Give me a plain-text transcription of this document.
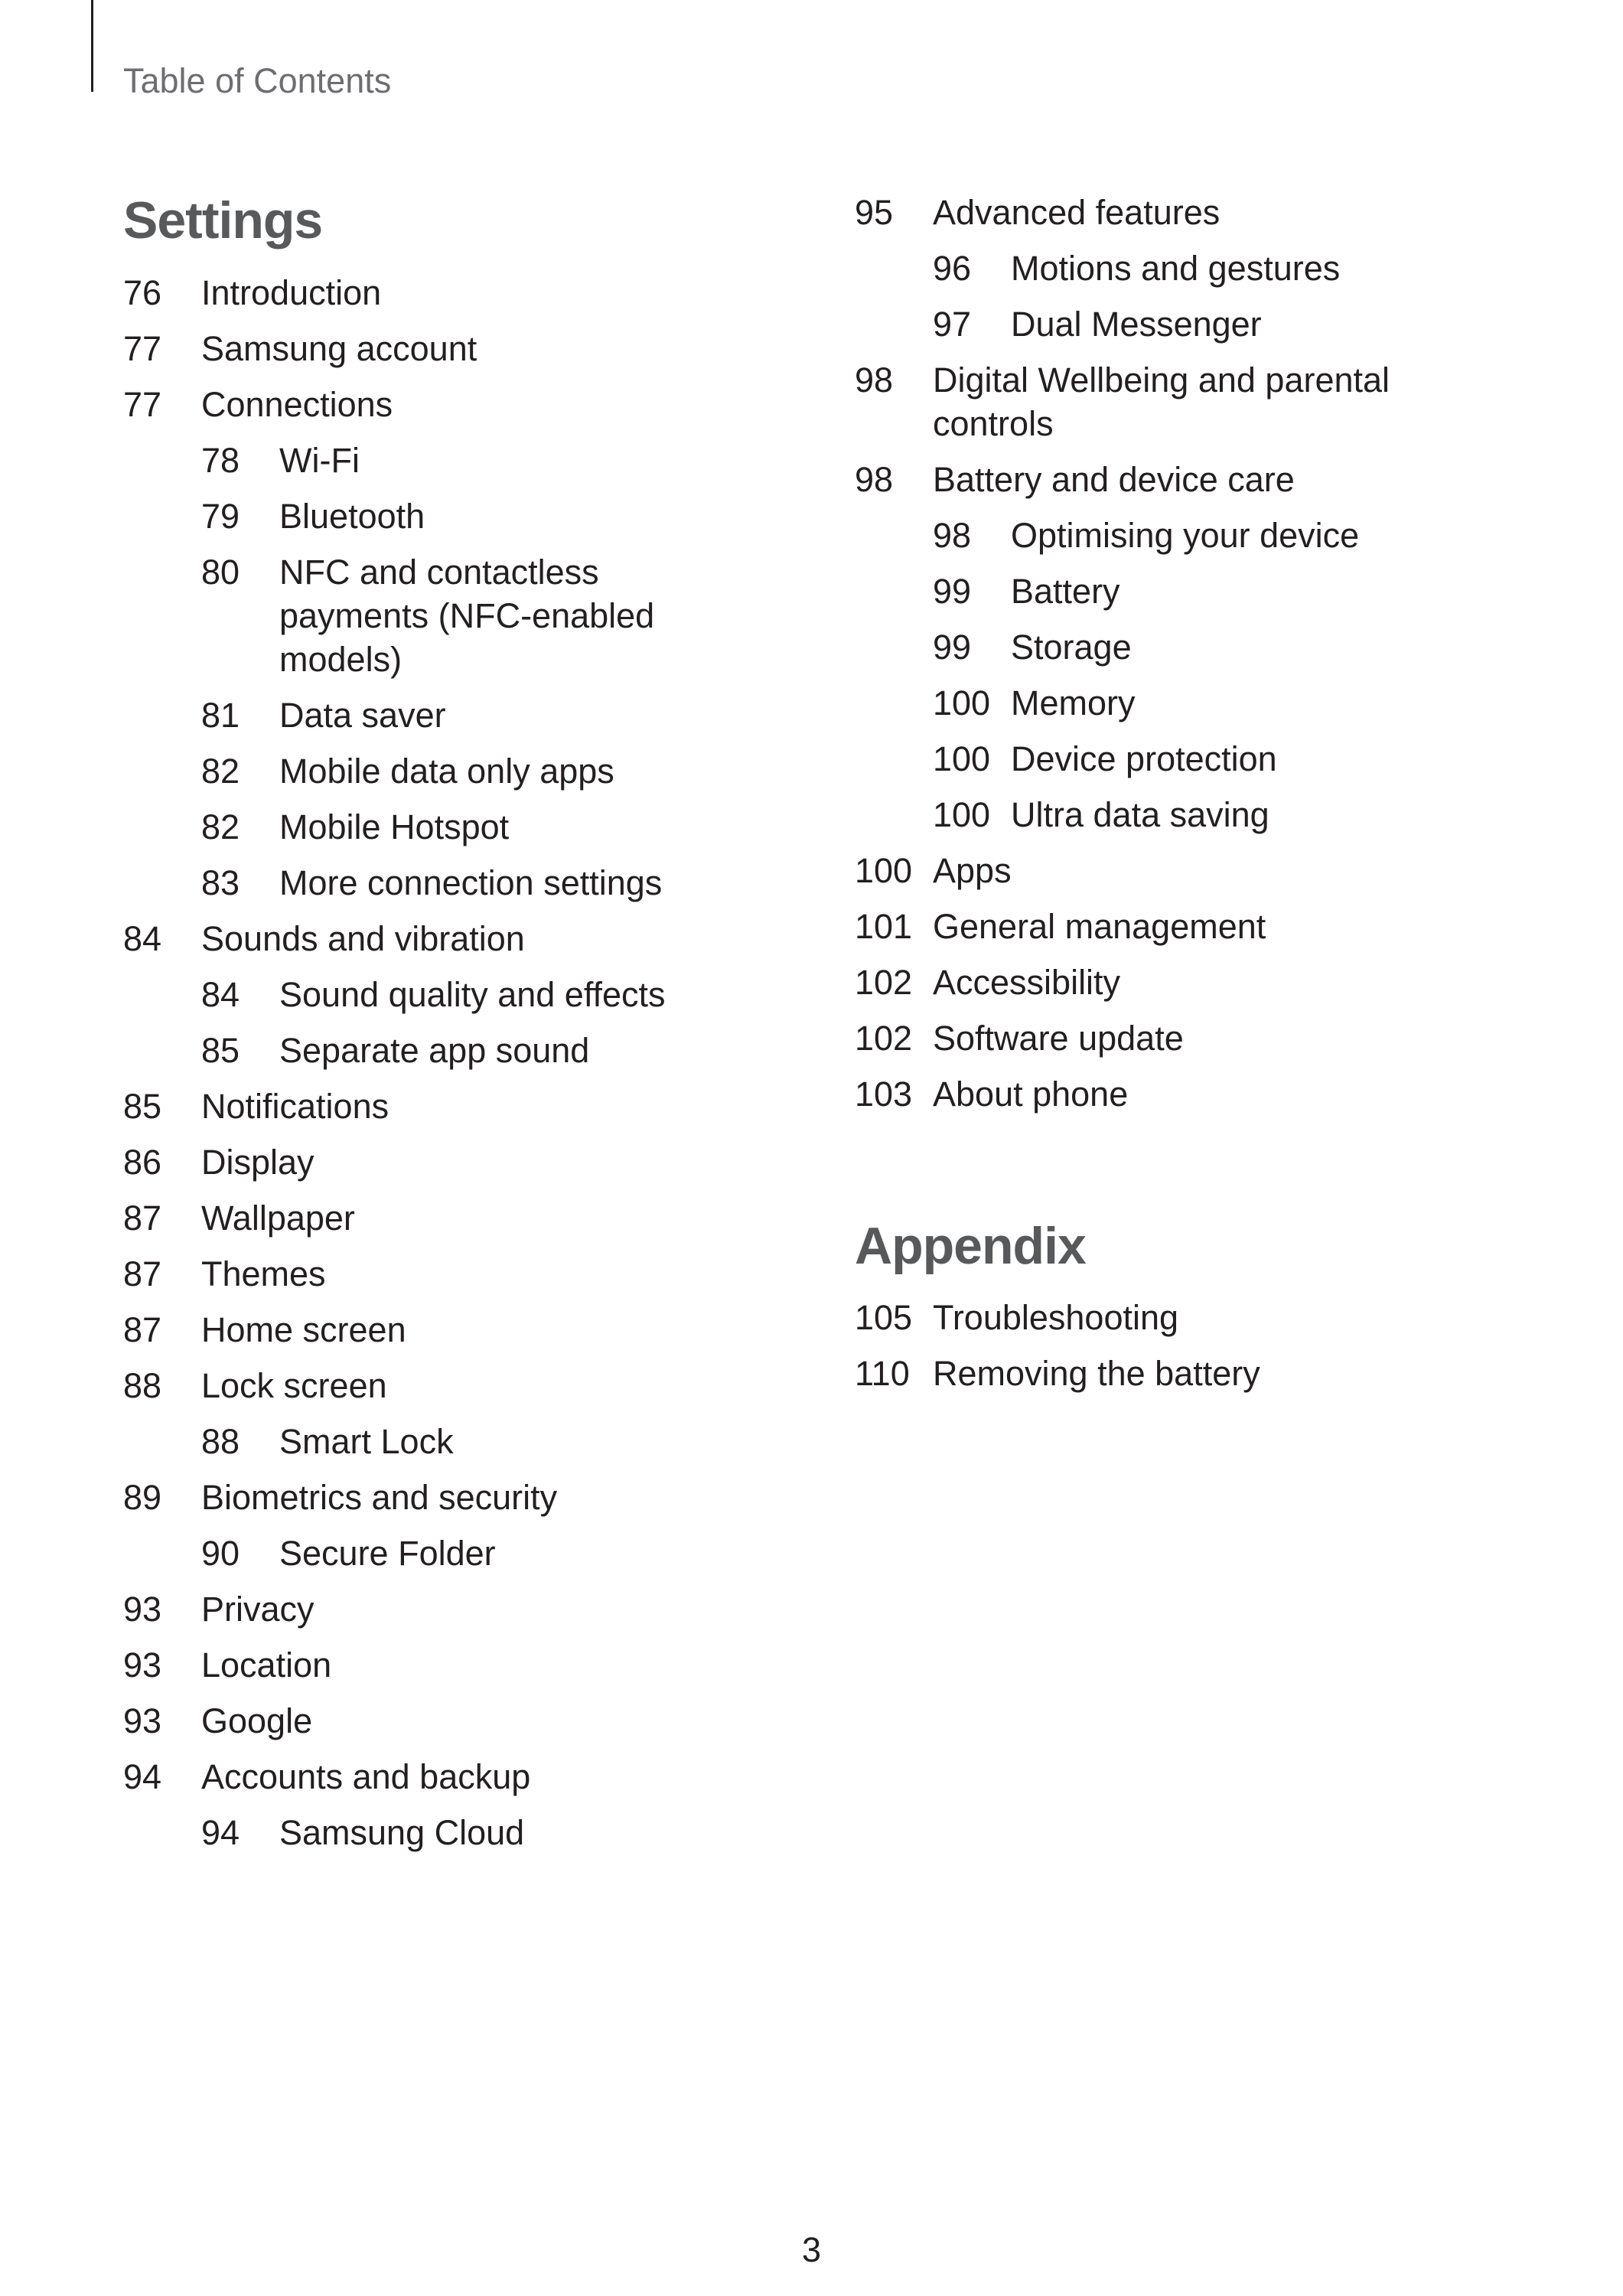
Table of Contents
Settings
76	Introduction
77	Samsung account
77	Connections
78	Wi-Fi
79	Bluetooth
80	NFC and contactless payments (NFC-enabled models)
81	Data saver
82	Mobile data only apps
82	Mobile Hotspot
83	More connection settings
84	Sounds and vibration
84	Sound quality and effects
85	Separate app sound
85	Notifications
86	Display
87	Wallpaper
87	Themes
87	Home screen
88	Lock screen
88	Smart Lock
89	Biometrics and security
90	Secure Folder
93	Privacy
93	Location
93	Google
94	Accounts and backup
94	Samsung Cloud
95	Advanced features
96	Motions and gestures
97	Dual Messenger
98	Digital Wellbeing and parental controls
98	Battery and device care
98	Optimising your device
99	Battery
99	Storage
100 Memory
100 Device protection
100 Ultra data saving
100 Apps
101 General management
102 Accessibility
102 Software update
103 About phone
Appendix
105 Troubleshooting
110 Removing the battery
3
